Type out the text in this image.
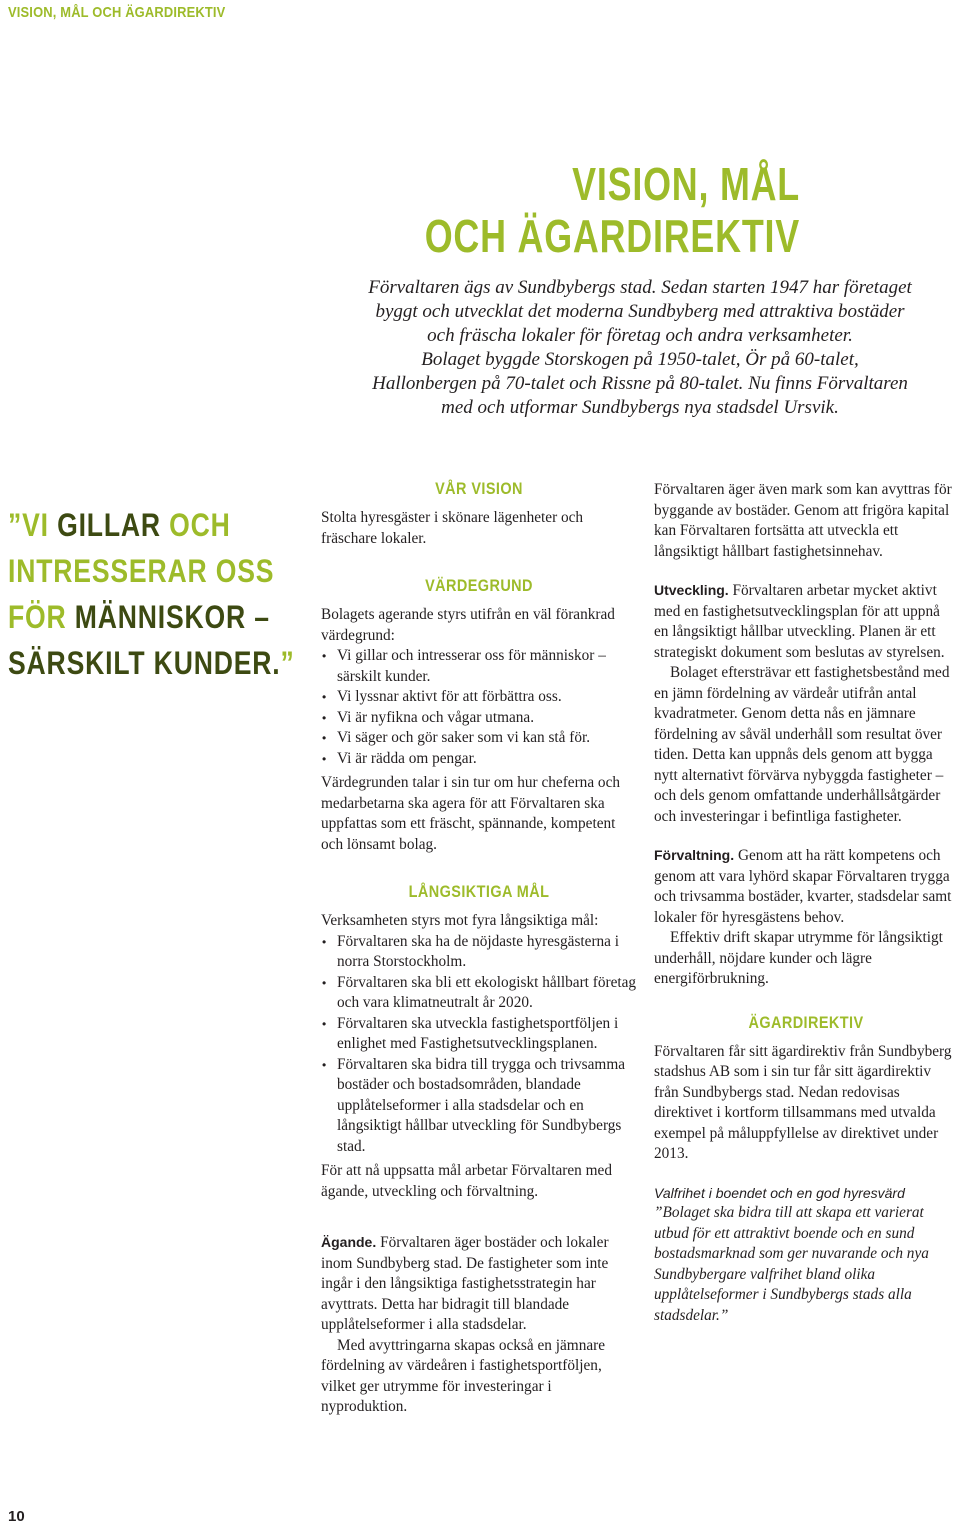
VISION, MÅL OCH ÄGARDIREKTIV
VISION, MÅL
OCH ÄGARDIREKTIV
Förvaltaren ägs av Sundbybergs stad. Sedan starten 1947 har företaget
byggt och utvecklat det moderna Sundbyberg med attraktiva bostäder
och fräscha lokaler för företag och andra verksamheter.
Bolaget byggde Storskogen på 1950-talet, Ör på 60-talet,
Hallonbergen på 70-talet och Rissne på 80-talet. Nu finns Förvaltaren
med och utformar Sundbybergs nya stadsdel Ursvik.
”VI GILLAR OCH
INTRESSERAR OSS
FÖR MÄNNISKOR –
SÄRSKILT KUNDER.”
VÅR VISION

Stolta hyresgäster i skönare lägenheter och fräschare lokaler.

VÄRDEGRUND

Bolagets agerande styrs utifrån en väl förankrad värdegrund:

• Vi gillar och intresserar oss för människor – särskilt kunder.
• Vi lyssnar aktivt för att förbättra oss.
• Vi är nyfikna och vågar utmana.
• Vi säger och gör saker som vi kan stå för.
• Vi är rädda om pengar.

Värdegrunden talar i sin tur om hur cheferna och medarbetarna ska agera för att Förvaltaren ska uppfattas som ett fräscht, spännande, kompetent och lönsamt bolag.

LÅNGSIKTIGA MÅL

Verksamheten styrs mot fyra långsiktiga mål:

• Förvaltaren ska ha de nöjdaste hyresgästerna i norra Storstockholm.
• Förvaltaren ska bli ett ekologiskt hållbart företag och vara klimatneutralt år 2020.
• Förvaltaren ska utveckla fastighetsportföljen i enlighet med Fastighetsutvecklingsplanen.
• Förvaltaren ska bidra till trygga och trivsamma bostäder och bostadsområden, blandade upplåtelseformer i alla stadsdelar och en långsiktigt hållbar utveckling för Sundbybergs stad.

För att nå uppsatta mål arbetar Förvaltaren med ägande, utveckling och förvaltning.

Ägande. Förvaltaren äger bostäder och lokaler inom Sundbyberg stad. De fastigheter som inte ingår i den långsiktiga fastighetsstrategin har avyttrats. Detta har bidragit till blandade upplåtelseformer i alla stadsdelar.

Med avyttringarna skapas också en jämnare fördelning av värdeåren i fastighetsportföljen, vilket ger utrymme för investeringar i nyproduktion.

Förvaltaren äger även mark som kan avyttras för byggande av bostäder. Genom att frigöra kapital kan Förvaltaren fortsätta att utveckla ett långsiktigt hållbart fastighetsinnehav.

Utveckling. Förvaltaren arbetar mycket aktivt med en fastighetsutvecklingsplan för att uppnå en långsiktigt hållbar utveckling. Planen är ett strategiskt dokument som beslutas av styrelsen.

Bolaget eftersträvar ett fastighetsbestånd med en jämn fördelning av värdeår utifrån antal kvadratmeter. Genom detta nås en jämnare fördelning av såväl underhåll som resultat över tiden. Detta kan uppnås dels genom att bygga nytt alternativt förvärva nybyggda fastigheter – och dels genom omfattande underhållsåtgärder och investeringar i befintliga fastigheter.

Förvaltning. Genom att ha rätt kompetens och genom att vara lyhörd skapar Förvaltaren trygga och trivsamma bostäder, kvarter, stadsdelar samt lokaler för hyresgästens behov.

Effektiv drift skapar utrymme för långsiktigt underhåll, nöjdare kunder och lägre energiförbrukning.

ÄGARDIREKTIV

Förvaltaren får sitt ägardirektiv från Sundbyberg stadshus AB som i sin tur får sitt ägardirektiv från Sundbybergs stad. Nedan redovisas direktivet i kortform tillsammans med utvalda exempel på måluppfyllelse av direktivet under 2013.

Valfrihet i boendet och en god hyresvärd

”Bolaget ska bidra till att skapa ett varierat utbud för ett attraktivt boende och en sund bostadsmarknad som ger nuvarande och nya Sundbybergare valfrihet bland olika upplåtelseformer i Sundbybergs stads alla stadsdelar.”

10
